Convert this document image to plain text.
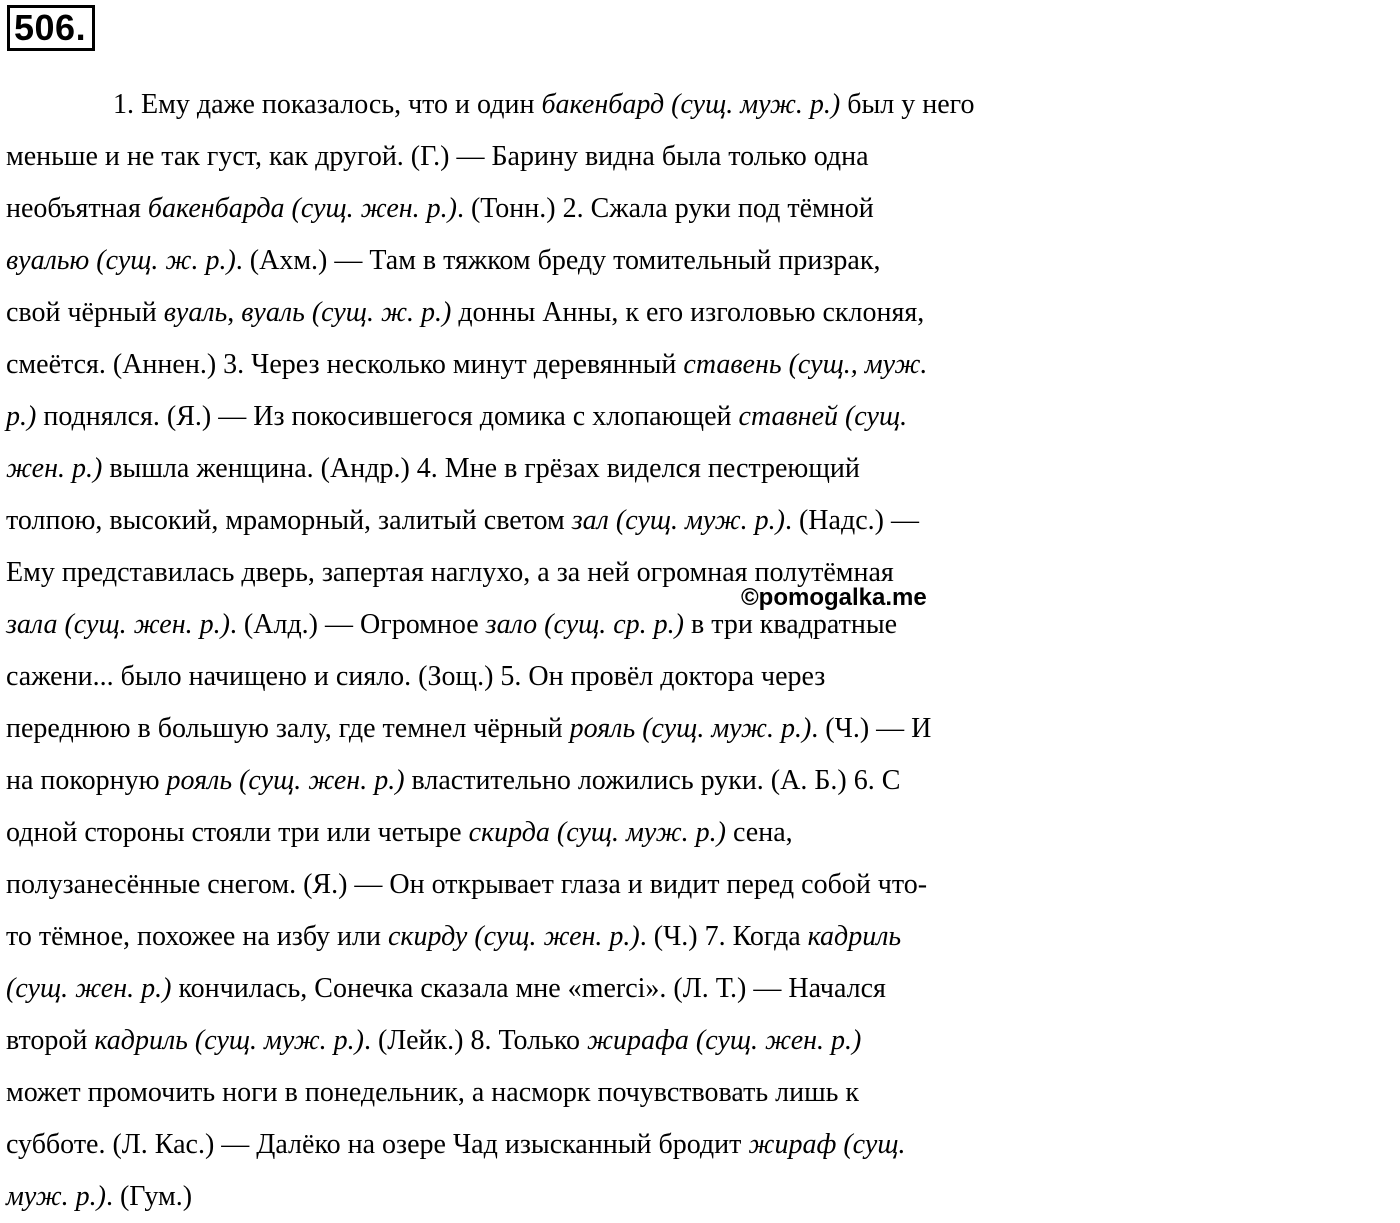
506.
1. Ему даже показалось, что и один бакенбард (сущ. муж. р.) был у него
меньше и не так густ, как другой. (Г.) — Барину видна была только одна
необъятная бакенбарда (сущ. жен. р.). (Тонн.) 2. Сжала руки под тёмной
вуалью (сущ. ж. р.). (Ахм.) — Там в тяжком бреду томительный призрак,
свой чёрный вуаль, вуаль (сущ. ж. р.) донны Анны, к его изголовью склоняя,
смеётся. (Аннен.) 3. Через несколько минут деревянный ставень (сущ., муж.
р.) поднялся. (Я.) — Из покосившегося домика с хлопающей ставней (сущ.
жен. р.) вышла женщина. (Андр.) 4. Мне в грёзах виделся пестреющий
толпою, высокий, мраморный, залитый светом зал (сущ. муж. р.). (Надс.) —
Ему представилась дверь, запертая наглухо, а за ней огромная полутёмная
зала (сущ. жен. р.). (Алд.) — Огромное зало (сущ. ср. р.) в три квадратные
сажени... было начищено и сияло. (Зощ.) 5. Он провёл доктора через
переднюю в большую залу, где темнел чёрный рояль (сущ. муж. р.). (Ч.) — И
на покорную рояль (сущ. жен. р.) властительно ложились руки. (А. Б.) 6. С
одной стороны стояли три или четыре скирда (сущ. муж. р.) сена,
полузанесённые снегом. (Я.) — Он открывает глаза и видит перед собой что-
то тёмное, похожее на избу или скирду (сущ. жен. р.). (Ч.) 7. Когда кадриль
(сущ. жен. р.) кончилась, Сонечка сказала мне «merci». (Л. Т.) — Начался
второй кадриль (сущ. муж. р.). (Лейк.) 8. Только жирафа (сущ. жен. р.)
может промочить ноги в понедельник, а насморк почувствовать лишь к
субботе. (Л. Кас.) — Далёко на озере Чад изысканный бродит жираф (сущ.
муж. р.). (Гум.)
©pomogalka.me
